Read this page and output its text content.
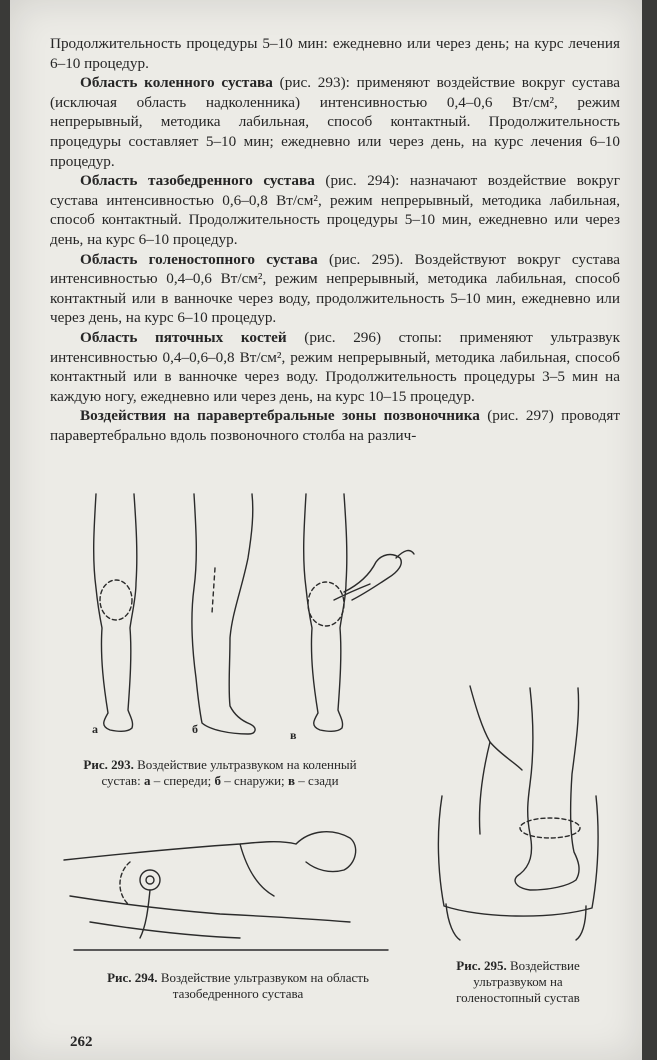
Продолжительность процедуры 5–10 мин: ежедневно или через день; на курс лечения 6–10 процедур.

Область коленного сустава (рис. 293): применяют воздействие вокруг сустава (исключая область надколенника) интенсивностью 0,4–0,6 Вт/см², режим непрерывный, методика лабильная, способ контактный. Продолжительность процедуры составляет 5–10 мин; ежедневно или через день, на курс лечения 6–10 процедур.

Область тазобедренного сустава (рис. 294): назначают воздействие вокруг сустава интенсивностью 0,6–0,8 Вт/см², режим непрерывный, методика лабильная, способ контактный. Продолжительность процедуры 5–10 мин, ежедневно или через день, на курс 6–10 процедур.

Область голеностопного сустава (рис. 295). Воздействуют вокруг сустава интенсивностью 0,4–0,6 Вт/см², режим непрерывный, методика лабильная, способ контактный или в ванночке через воду, продолжительность 5–10 мин, ежедневно или через день, на курс 6–10 процедур.

Область пяточных костей (рис. 296) стопы: применяют ультразвук интенсивностью 0,4–0,6–0,8 Вт/см², режим непрерывный, методика лабильная, способ контактный или в ванночке через воду. Продолжительность процедуры 3–5 мин на каждую ногу, ежедневно или через день, на курс 10–15 процедур.

Воздействия на паравертебральные зоны позвоночника (рис. 297) проводят паравертебрально вдоль позвоночного столба на различ-

а	б	в
Рис. 293. Воздействие ультразвуком на коленный сустав: а – спереди; б – снаружи; в – сзади
Рис. 294. Воздействие ультразвуком на область тазобедренного сустава
Рис. 295. Воздействие ультразвуком на голеностопный сустав
262
